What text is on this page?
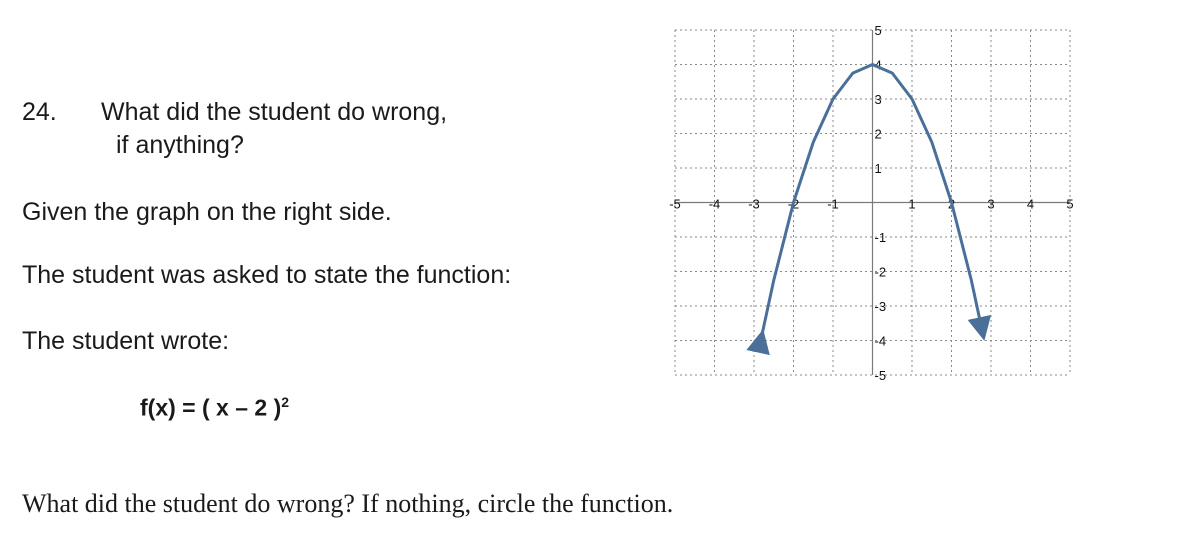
24. What did the student do wrong,
if anything?
Given the graph on the right side.
The student was asked to state the function:
The student wrote:
f(x) = ( x – 2 )$^2$
What did the student do wrong? If nothing, circle the function.
-5 -4 -3 -2 -1	1 2 3 4 5
5
4
3
2
1
-1
-2
-3
-4
-5
